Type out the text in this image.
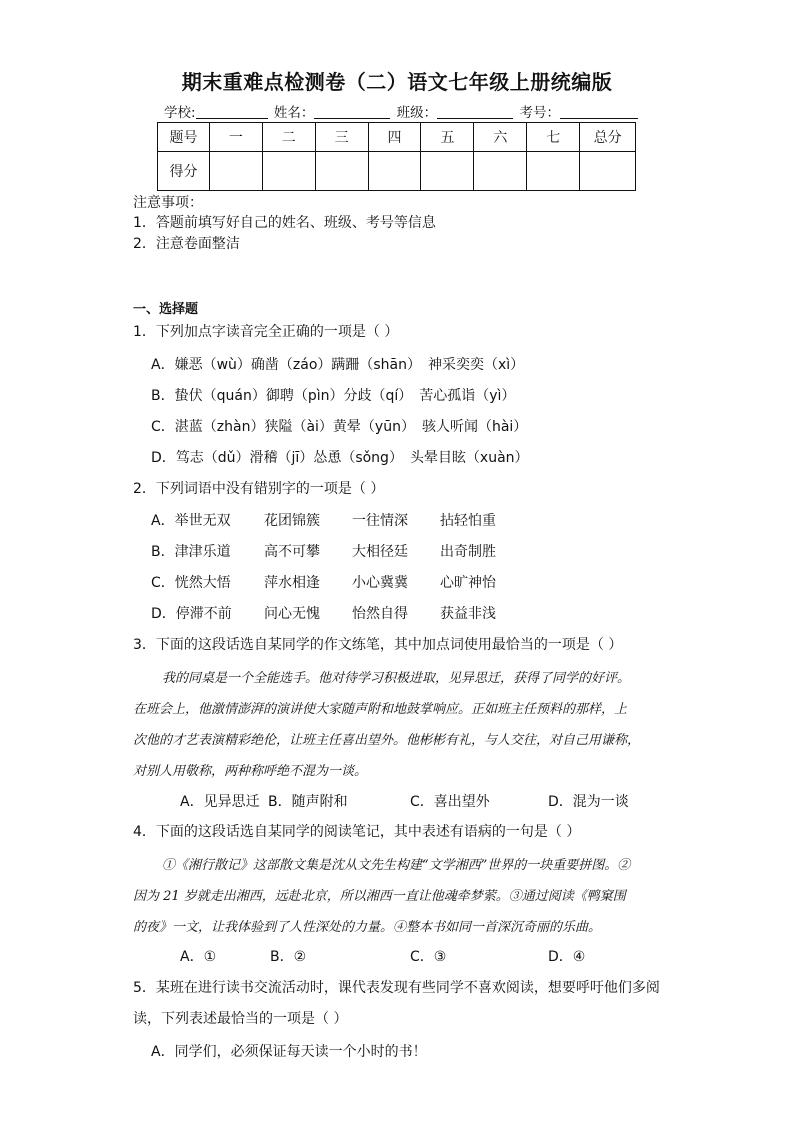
期末重难点检测卷（二）语文七年级上册统编版
学校:	姓名：	班级：	考号：
题号	一	二	三	四	五	六	七	总分
得分								
注意事项：
1．答题前填写好自己的姓名、班级、考号等信息
2．注意卷面整洁
一、选择题
1．下列加点字读音完全正确的一项是（ ）
A．嫌恶（wù）确凿（záo）蹒跚（shān）　神采奕奕（xì）
B．蛰伏（quán）御聘（pìn）分歧（qí）　苦心孤诣（yì）
C．湛蓝（zhàn）狭隘（ài）黄晕（yūn）　骇人听闻（hài）
D．笃志（dǔ）滑稽（jī）怂恿（sǒng）　头晕目眩（xuàn）
2．下列词语中没有错别字的一项是（ ）
A．举世无双 花团锦簇 一往情深 拈轻怕重
B．津津乐道 高不可攀 大相径廷 出奇制胜
C．恍然大悟 萍水相逢 小心冀冀 心旷神怡
D．停滞不前 问心无愧 怡然自得 获益非浅
3．下面的这段话选自某同学的作文练笔，其中加点词使用最恰当的一项是（ ）
我的同桌是一个全能选手。他对待学习积极进取，见异思迁，获得了同学的好评。
在班会上，他激情澎湃的演讲使大家随声附和地鼓掌响应。正如班主任预料的那样，上
次他的才艺表演精彩绝伦，让班主任喜出望外。他彬彬有礼，与人交往，对自己用谦称，
对别人用敬称，两种称呼绝不混为一谈。
A．见异思迁 B．随声附和	C．喜出望外	D．混为一谈
4．下面的这段话选自某同学的阅读笔记，其中表述有语病的一句是（ ）
①《湘行散记》这部散文集是沈从文先生构建“文学湘西”世界的一块重要拼图。②
因为 21 岁就走出湘西，远赴北京，所以湘西一直让他魂牵梦萦。③通过阅读《鸭窠围
的夜》一文，让我体验到了人性深处的力量。④整本书如同一首深沉奇丽的乐曲。
A．①	B．②	C．③	D．④
5．某班在进行读书交流活动时，课代表发现有些同学不喜欢阅读，想要呼吁他们多阅
读，下列表述最恰当的一项是（ ）
A．同学们，必须保证每天读一个小时的书！
